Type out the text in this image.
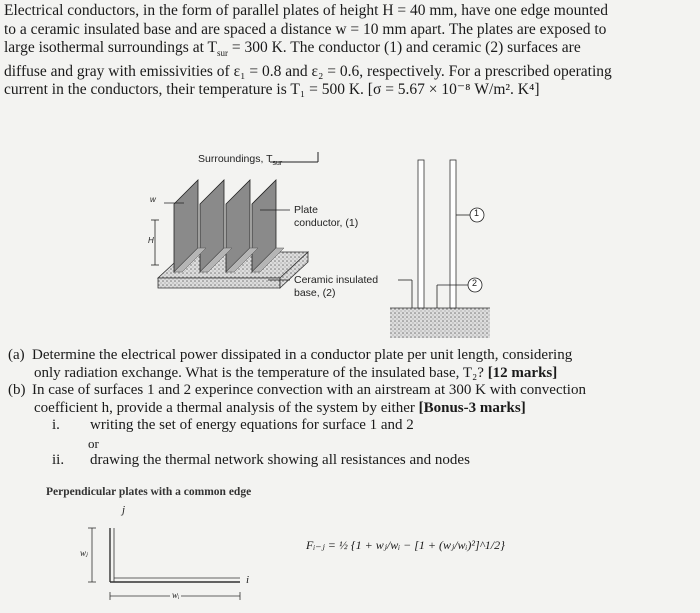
Electrical conductors, in the form of parallel plates of height H = 40 mm, have one edge mounted

to a ceramic insulated base and are spaced a distance w = 10 mm apart. The plates are exposed to

large isothermal surroundings at $T_{sur} = 300$ K. The conductor (1) and ceramic (2) surfaces are

diffuse and gray with emissivities of ε₁ = 0.8 and ε₂ = 0.6, respectively. For a prescribed operating

current in the conductors, their temperature is T₁ = 500 K. [σ = 5.67 × 10⁻⁸ W/m². K⁴]

Surroundings, $T_{sur}$
w
H
Plate
conductor, (1)
Ceramic insulated
base, (2)
1
2

(a) Determine the electrical power dissipated in a conductor plate per unit length, considering

only radiation exchange. What is the temperature of the insulated base, T₂? [12 marks]

(b) In case of surfaces 1 and 2 experince convection with an airstream at 300 K with convection

coefficient h, provide a thermal analysis of the system by either [Bonus-3 marks]

i. writing the set of energy equations for surface 1 and 2

or

ii. drawing the thermal network showing all resistances and nodes

Perpendicular plates with a common edge
j
i
wⱼ
wᵢ
Fᵢ₋ⱼ = ½ {1 + wⱼ/wᵢ − [1 + (wⱼ/wᵢ)²]^1/2}
